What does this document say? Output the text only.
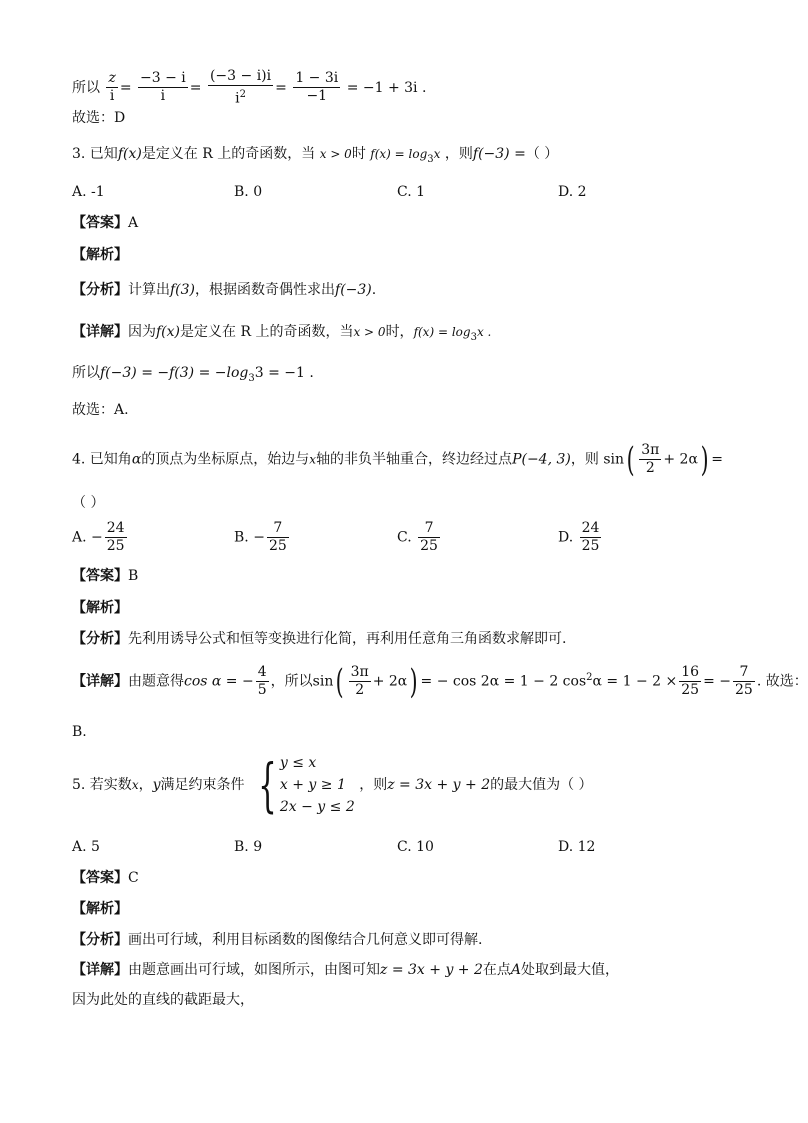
所以 $\frac{z}{i} = \frac{-3 - i}{i} = \frac{(-3 - i)i}{i^2} = \frac{1 - 3i}{-1} = -1 + 3i$ .
故选：D
3. 已知f(x)是定义在 R 上的奇函数，当 x > 0时 $f(x) = \log_3x$ ，则f(−3) =（ ）
A. -1	B. 0	C. 1	D. 2
【答案】A
【解析】
【分析】计算出f(3)，根据函数奇偶性求出f(−3).
【详解】因为f(x)是定义在 R 上的奇函数，当x > 0时，$f(x) = \log_3x$ .
所以$f(-3) = -f(3) = -\log_33 = -1$ .
故选：A.
4. 已知角α的顶点为坐标原点，始边与x轴的非负半轴重合，终边经过点P(−4, 3)，则 $\sin( \frac{3\pi}{2} + 2\alpha)$ =
（ ）
A. − $\frac{24}{25}$	B. − $\frac{7}{25}$	C. $\frac{7}{25}$	D. $\frac{24}{25}$
【答案】B
【解析】
【分析】先利用诱导公式和恒等变换进行化简，再利用任意角三角函数求解即可.
【详解】由题意得cos α = − $\frac{4}{5}$ ，所以$\sin( \frac{3\pi}{2} + 2\alpha)$ = − cos 2α = 1 − 2 $\cos^2\alpha = 1 - 2 \times \frac{16}{25}$ = − $\frac{7}{25}$ . 故选：
B.
5. 若实数x，y满足约束条件 { y ≤ x
x + y ≥ 1
2x − y ≤ 2
，则z = 3x + y + 2的最大值为（ ）
A. 5	B. 9	C. 10	D. 12
【答案】C
【解析】
【分析】画出可行域，利用目标函数的图像结合几何意义即可得解.
【详解】由题意画出可行域，如图所示，由图可知z = 3x + y + 2在点A处取到最大值，
因为此处的直线的截距最大，
